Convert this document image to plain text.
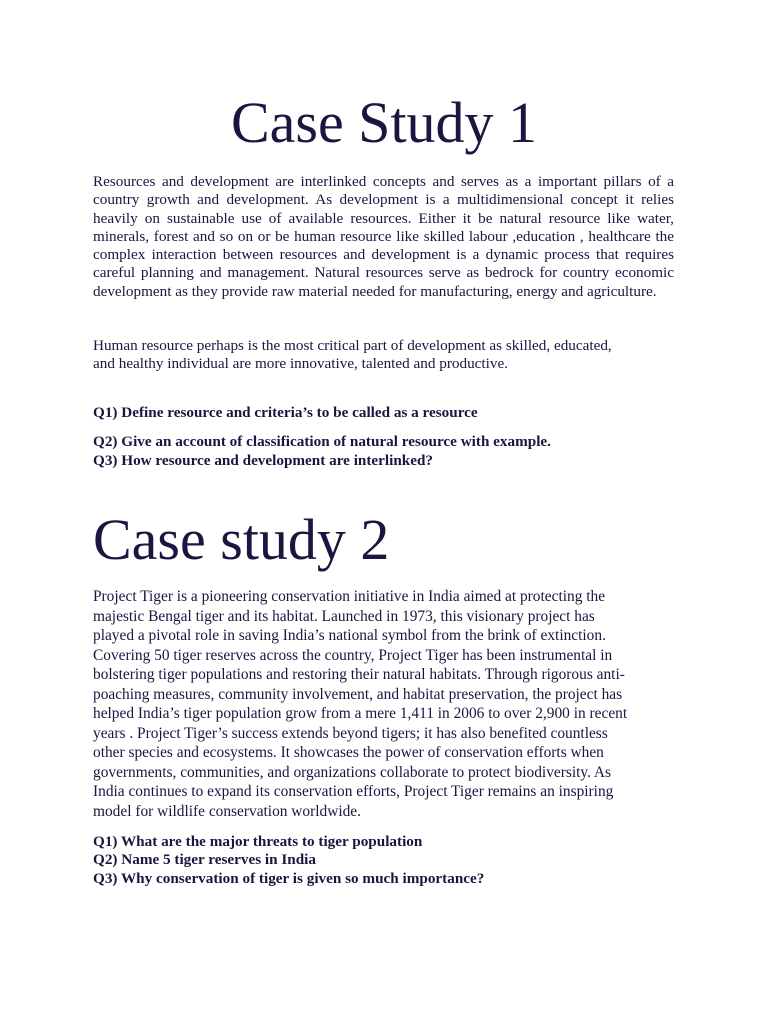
Case Study 1
Resources and development are interlinked concepts and serves as a important pillars of a country growth and development. As development is a multidimensional concept it relies heavily on sustainable use of available resources. Either it be natural resource like water, minerals, forest and so on or be human resource like skilled labour ,education , healthcare the complex interaction between resources and development is a dynamic process that requires careful planning and management. Natural resources serve as bedrock for country economic development as they provide raw material needed for manufacturing, energy and agriculture.
Human resource perhaps is the most critical part of development as skilled, educated,
and healthy individual are more innovative, talented and productive.

Q1) Define resource and criteria’s to be called as a resource

Q2) Give an account of classification of natural resource with example.

Q3) How resource and development are interlinked?

Case study 2
Project Tiger is a pioneering conservation initiative in India aimed at protecting the
majestic Bengal tiger and its habitat. Launched in 1973, this visionary project has
played a pivotal role in saving India’s national symbol from the brink of extinction.
Covering 50 tiger reserves across the country, Project Tiger has been instrumental in
bolstering tiger populations and restoring their natural habitats. Through rigorous anti-
poaching measures, community involvement, and habitat preservation, the project has
helped India’s tiger population grow from a mere 1,411 in 2006 to over 2,900 in recent
years . Project Tiger’s success extends beyond tigers; it has also benefited countless
other species and ecosystems. It showcases the power of conservation efforts when
governments, communities, and organizations collaborate to protect biodiversity. As
India continues to expand its conservation efforts, Project Tiger remains an inspiring
model for wildlife conservation worldwide.

Q1) What are the major threats to tiger population

Q2) Name 5 tiger reserves in India

Q3) Why conservation of tiger is given so much importance?
